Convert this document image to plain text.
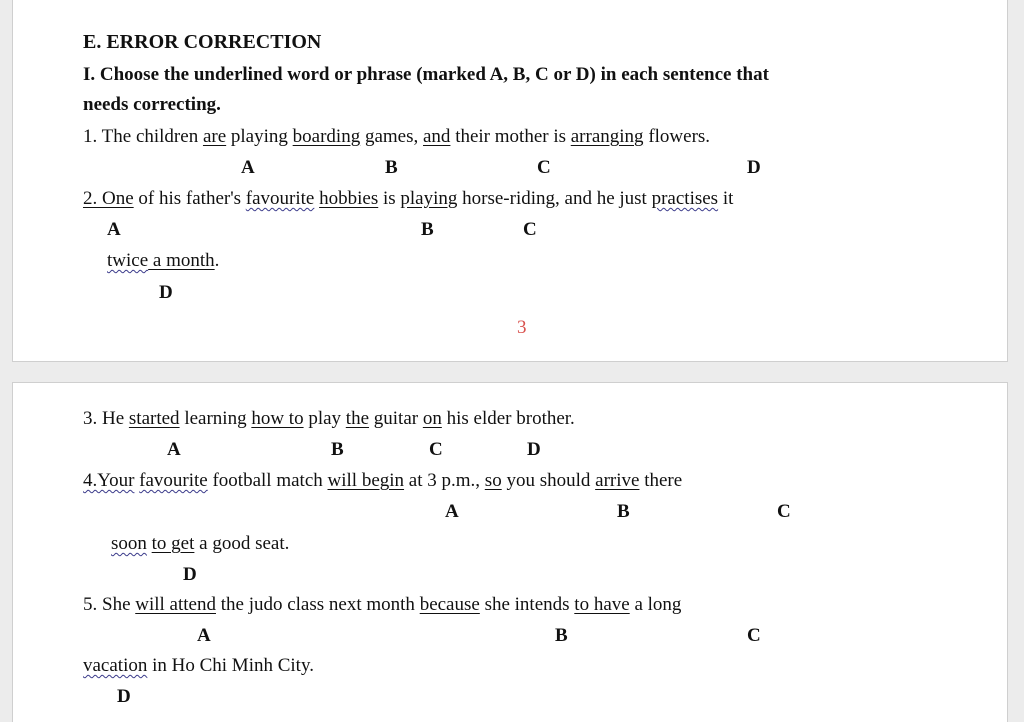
E. ERROR CORRECTION
I. Choose the underlined word or phrase (marked A, B, C or D) in each sentence that
needs correcting.
1. The children are playing boarding games, and their mother is arranging flowers.
A	B	C	D
2. One of his father's favourite hobbies is playing horse-riding, and he just practises it
A	B	C
twice a month.
D
3
3. He started learning how to play the guitar on his elder brother.
A	B	C	D
4.Your favourite football match will begin at 3 p.m., so you should arrive there
A	B	C
soon to get a good seat.
D
5. She will attend the judo class next month because she intends to have a long
A	B	C
vacation in Ho Chi Minh City.
D
